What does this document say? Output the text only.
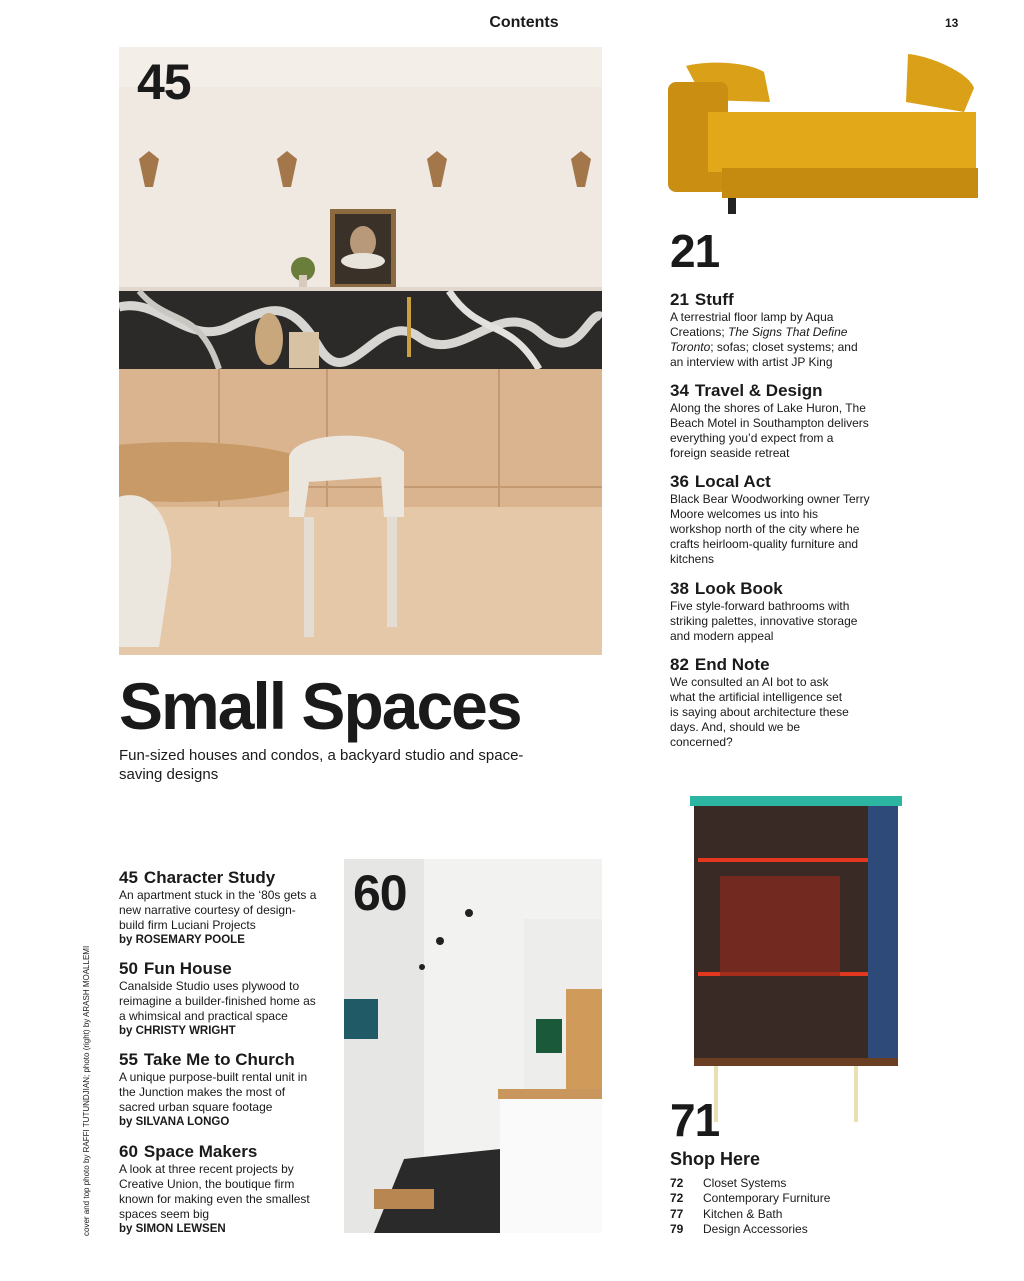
Contents	13
45
Small Spaces
Fun-sized houses and condos, a backyard studio and space-saving designs
21
21 Stuff
A terrestrial floor lamp by Aqua Creations; The Signs That Define Toronto; sofas; closet systems; and an interview with artist JP King
34 Travel & Design
Along the shores of Lake Huron, The Beach Motel in Southampton delivers everything you’d expect from a foreign seaside retreat
36 Local Act
Black Bear Woodworking owner Terry Moore welcomes us into his workshop north of the city where he crafts heirloom-quality furniture and kitchens
38 Look Book
Five style-forward bathrooms with striking palettes, innovative storage and modern appeal
82 End Note
We consulted an AI bot to ask what the artificial intelligence set is saying about architecture these days. And, should we be concerned?
45 Character Study
An apartment stuck in the ‘80s gets a new narrative courtesy of design-build firm Luciani Projects
by ROSEMARY POOLE
50 Fun House
Canalside Studio uses plywood to reimagine a builder-finished home as a whimsical and practical space
by CHRISTY WRIGHT
55 Take Me to Church
A unique purpose-built rental unit in the Junction makes the most of sacred urban square footage
by SILVANA LONGO
60 Space Makers
A look at three recent projects by Creative Union, the boutique firm known for making even the smallest spaces seem big
by SIMON LEWSEN
60
71
Shop Here
72	Closet Systems
72	Contemporary Furniture
77	Kitchen & Bath
79	Design Accessories
cover and top photo by RAFFI TUTUNDJIAN; photo (right) by ARASH MOALLEMI
